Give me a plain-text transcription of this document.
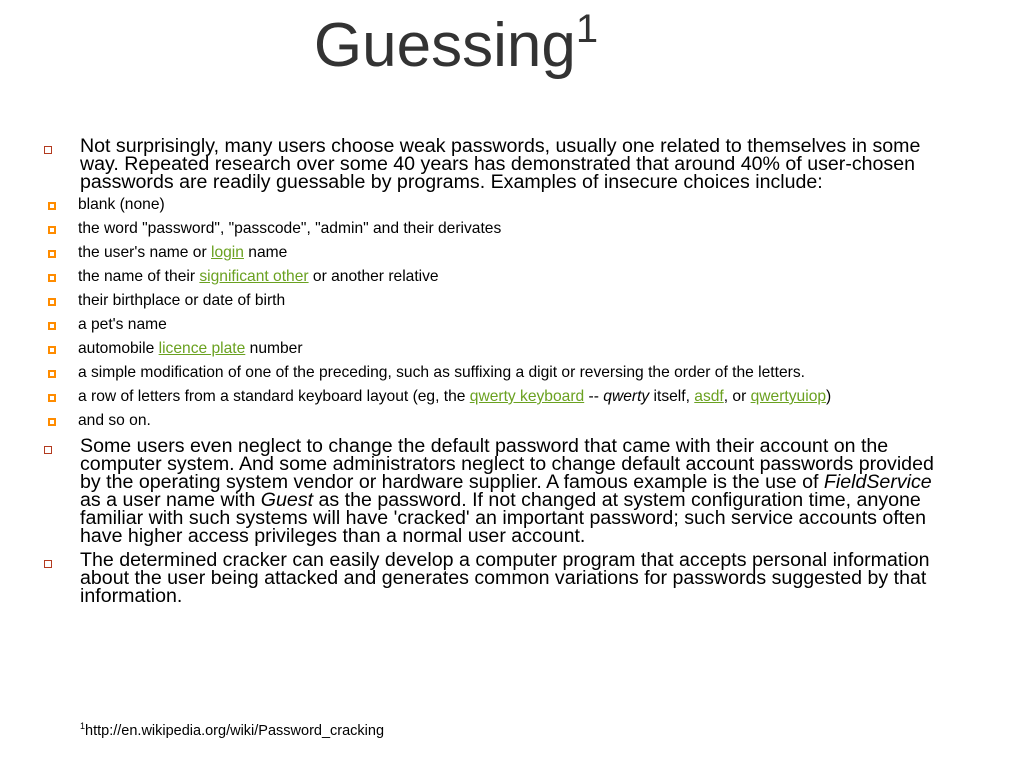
Guessing$^1$
Not surprisingly, many users choose weak passwords, usually one related to themselves in some way. Repeated research over some 40 years has demonstrated that around 40% of user-chosen passwords are readily guessable by programs. Examples of insecure choices include:
blank (none)
the word "password", "passcode", "admin" and their derivates
the user's name or login name
the name of their significant other or another relative
their birthplace or date of birth
a pet's name
automobile licence plate number
a simple modification of one of the preceding, such as suffixing a digit or reversing the order of the letters.
a row of letters from a standard keyboard layout (eg, the qwerty keyboard -- qwerty itself, asdf, or qwertyuiop)
and so on.
Some users even neglect to change the default password that came with their account on the computer system. And some administrators neglect to change default account passwords provided by the operating system vendor or hardware supplier. A famous example is the use of FieldService as a user name with Guest as the password. If not changed at system configuration time, anyone familiar with such systems will have 'cracked' an important password; such service accounts often have higher access privileges than a normal user account.
The determined cracker can easily develop a computer program that accepts personal information about the user being attacked and generates common variations for passwords suggested by that information.
$^1$http://en.wikipedia.org/wiki/Password_cracking
